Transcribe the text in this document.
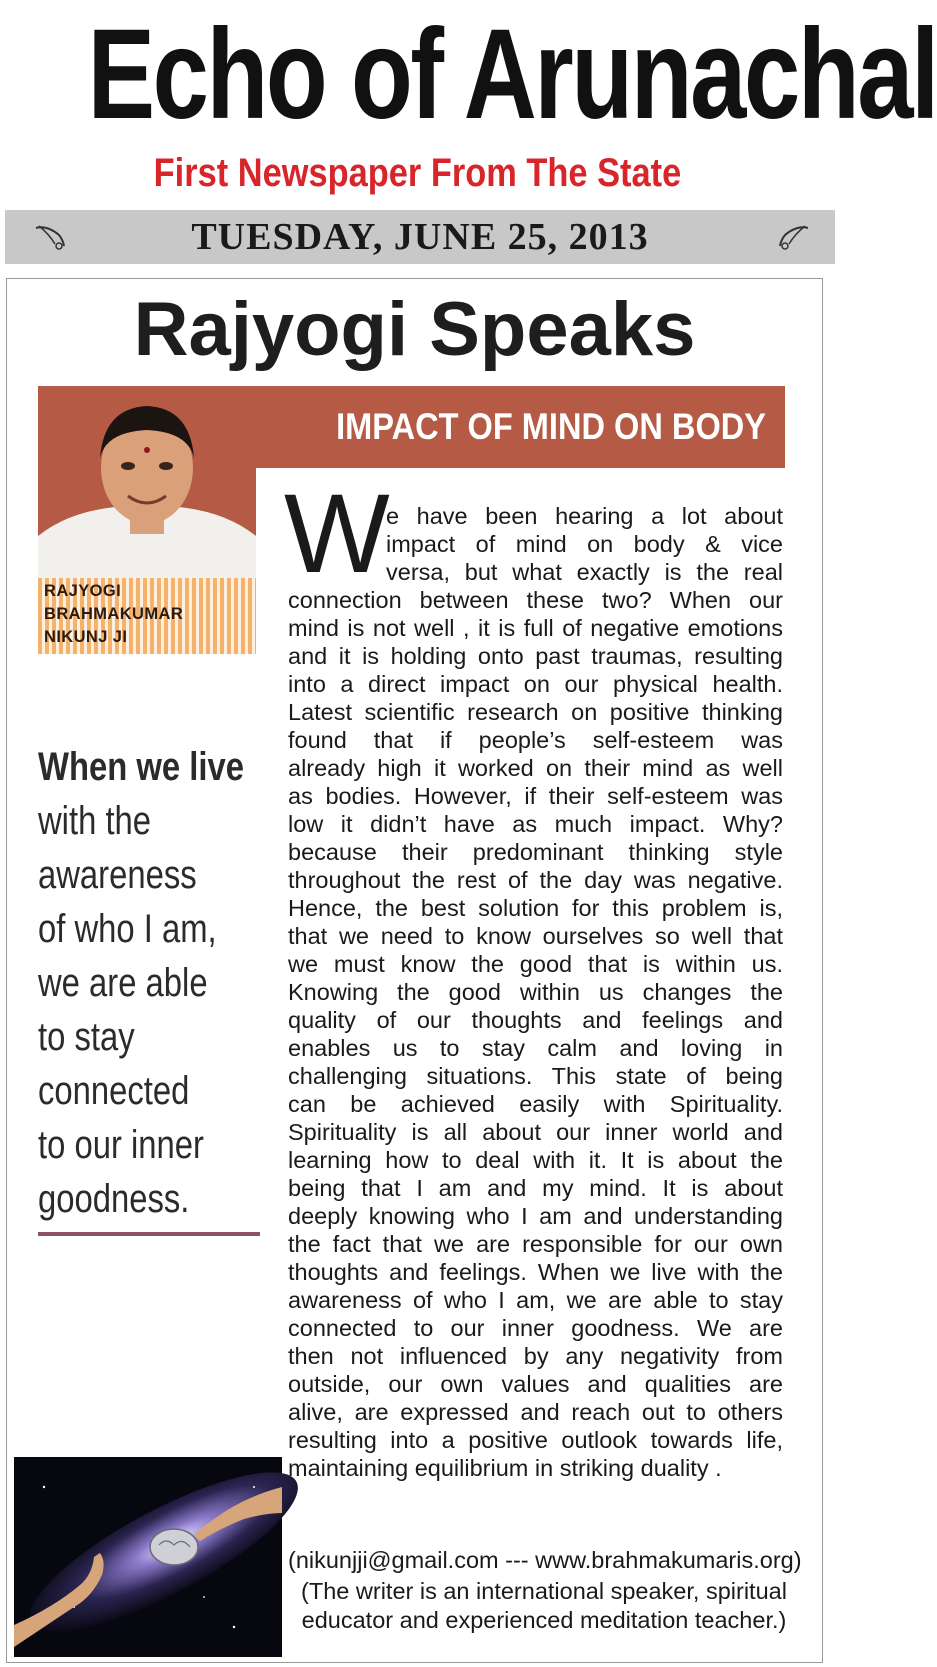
Echo of Arunachal
First Newspaper From The State
TUESDAY, JUNE 25, 2013
Rajyogi Speaks
IMPACT OF MIND ON BODY
RAJYOGI
BRAHMAKUMAR
NIKUNJ JI
When we live
with the
awareness
of who I am,
we are able
to stay
connected
to our inner
goodness.
W
e have been hearing a lot about
impact of mind on body & vice
versa, but what exactly is the real
connection between these two? When our
mind is not well , it is full of negative emotions
and it is holding onto past traumas, resulting
into a direct impact on our physical health.
Latest scientific research on positive thinking
found that if people’s self-esteem was
already high it worked on their mind as well
as bodies. However, if their self-esteem was
low it didn’t have as much impact. Why?
because their predominant thinking style
throughout the rest of the day was negative.
Hence, the best solution for this problem is,
that we need to know ourselves so well that
we must know the good that is within us.
Knowing the good within us changes the
quality of our thoughts and feelings and
enables us to stay calm and loving in
challenging situations. This state of being
can be achieved easily with Spirituality.
Spirituality is all about our inner world and
learning how to deal with it. It is about the
being that I am and my mind. It is about
deeply knowing who I am and understanding
the fact that we are responsible for our own
thoughts and feelings. When we live with the
awareness of who I am, we are able to stay
connected to our inner goodness. We are
then not influenced by any negativity from
outside, our own values and qualities are
alive, are expressed and reach out to others
resulting into a positive outlook towards life,
maintaining equilibrium in striking duality .
(nikunjji@gmail.com --- www.brahmakumaris.org)
(The writer is an international speaker, spiritual
educator and experienced meditation teacher.)
